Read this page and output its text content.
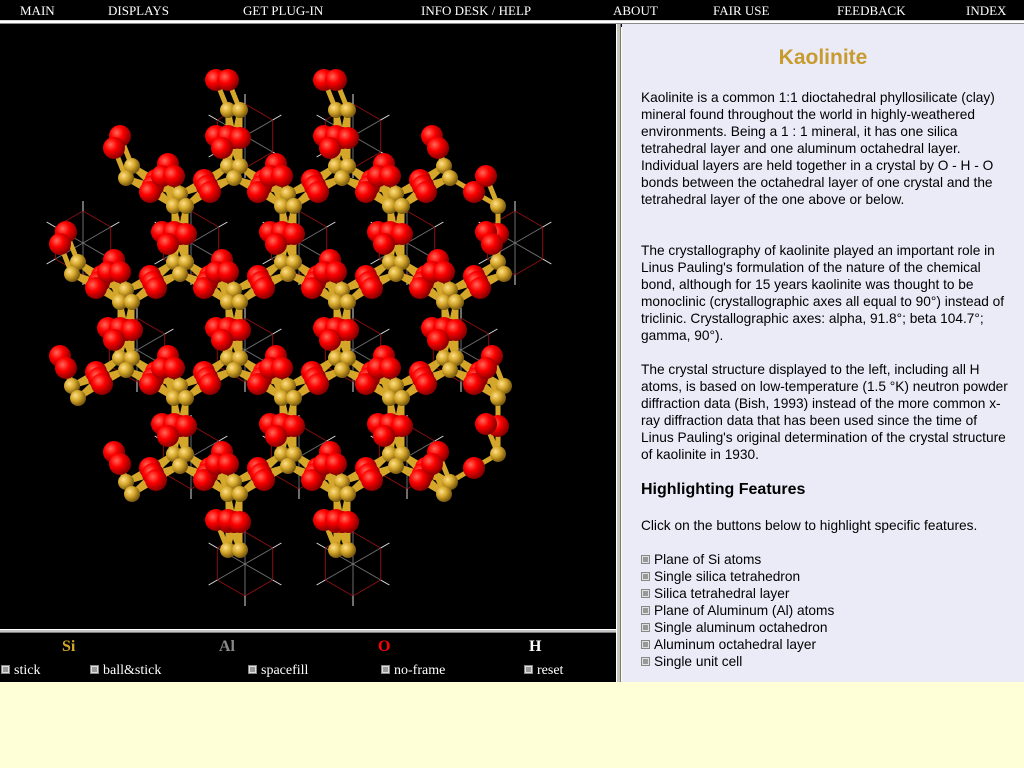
MAIN	DISPLAYS	GET PLUG-IN	INFO DESK / HELP	ABOUT	FAIR USE	FEEDBACK	INDEX
Si	Al	O	H
stick	ball&stick	spacefill	no-frame	reset
Kaolinite

Kaolinite is a common 1:1 dioctahedral phyllosilicate (clay) mineral found throughout the world in highly-weathered environments. Being a 1 : 1 mineral, it has one silica tetrahedral layer and one aluminum octahedral layer. Individual layers are held together in a crystal by O - H - O bonds between the octahedral layer of one crystal and the tetrahedral layer of the one above or below.

The crystallography of kaolinite played an important role in Linus Pauling's formulation of the nature of the chemical bond, although for 15 years kaolinite was thought to be monoclinic (crystallographic axes all equal to 90°) instead of triclinic. Crystallographic axes: alpha, 91.8°; beta 104.7°; gamma, 90°).

The crystal structure displayed to the left, including all H atoms, is based on low-temperature (1.5 °K) neutron powder diffraction data (Bish, 1993) instead of the more common x-ray diffraction data that has been used since the time of Linus Pauling's original determination of the crystal structure of kaolinite in 1930.

Highlighting Features

Click on the buttons below to highlight specific features.

Plane of Si atoms
Single silica tetrahedron
Silica tetrahedral layer
Plane of Aluminum (Al) atoms
Single aluminum octahedron
Aluminum octahedral layer
Single unit cell
